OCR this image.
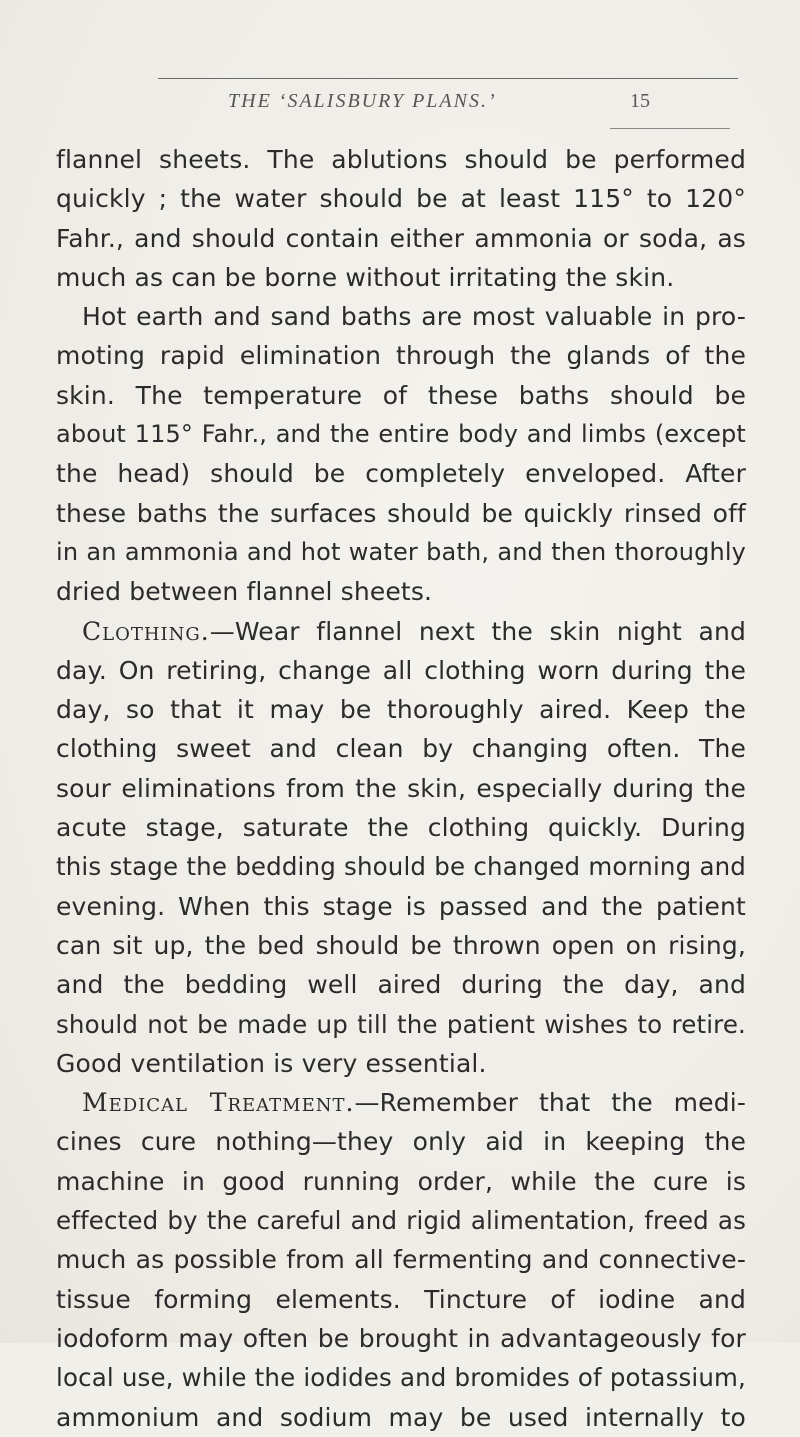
THE ‘SALISBURY PLANS.’	15
flannel sheets. The ablutions should be performed
quickly ; the water should be at least 115° to 120°
Fahr., and should contain either ammonia or soda, as
much as can be borne without irritating the skin.
Hot earth and sand baths are most valuable in pro-
moting rapid elimination through the glands of the
skin. The temperature of these baths should be
about 115° Fahr., and the entire body and limbs (except
the head) should be completely enveloped. After
these baths the surfaces should be quickly rinsed off
in an ammonia and hot water bath, and then thoroughly
dried between flannel sheets.
Clothing.—Wear flannel next the skin night and
day. On retiring, change all clothing worn during the
day, so that it may be thoroughly aired. Keep the
clothing sweet and clean by changing often. The
sour eliminations from the skin, especially during the
acute stage, saturate the clothing quickly. During
this stage the bedding should be changed morning and
evening. When this stage is passed and the patient
can sit up, the bed should be thrown open on rising,
and the bedding well aired during the day, and
should not be made up till the patient wishes to retire.
Good ventilation is very essential.
Medical Treatment.—Remember that the medi-
cines cure nothing—they only aid in keeping the
machine in good running order, while the cure is
effected by the careful and rigid alimentation, freed as
much as possible from all fermenting and connective-
tissue forming elements. Tincture of iodine and
iodoform may often be brought in advantageously for
local use, while the iodides and bromides of potassium,
ammonium and sodium may be used internally to
